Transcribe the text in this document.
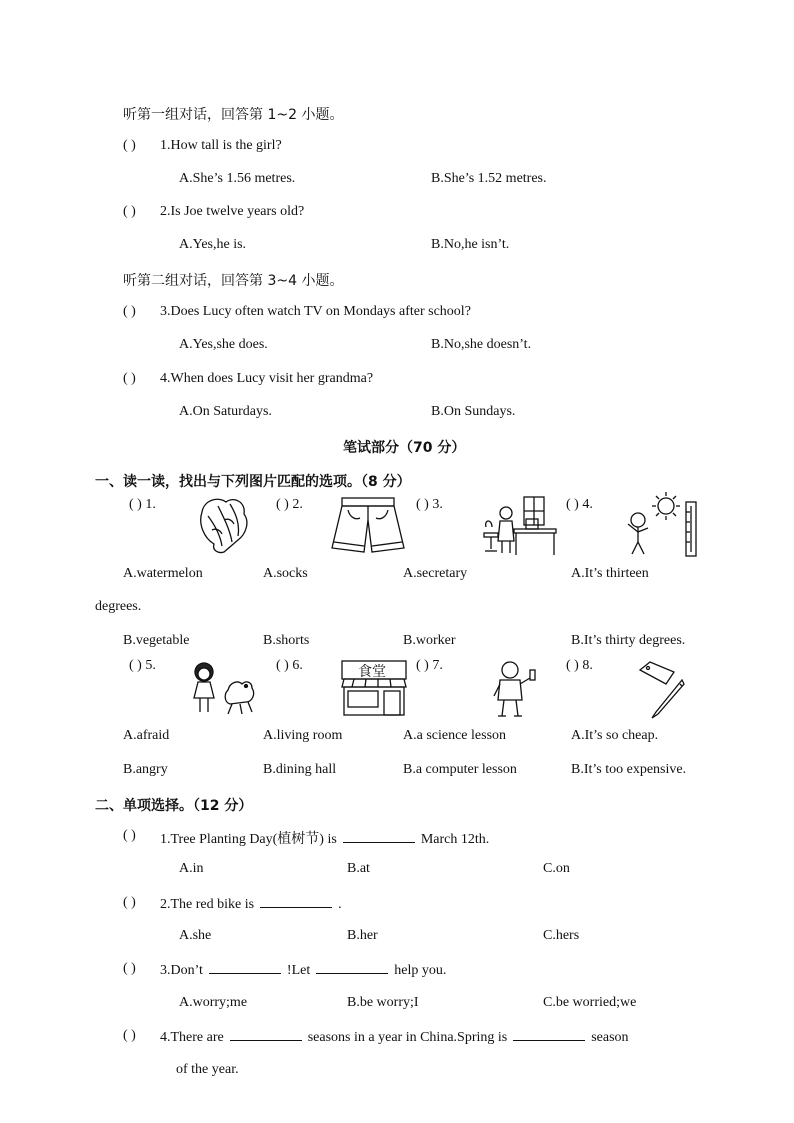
听第一组对话，回答第 1~2 小题。
( ) 1.How tall is the girl?
A.She’s 1.56 metres.	B.She’s 1.52 metres.
( ) 2.Is Joe twelve years old?
A.Yes,he is.	B.No,he isn’t.
听第二组对话，回答第 3~4 小题。
( ) 3.Does Lucy often watch TV on Mondays after school?
A.Yes,she does.	B.No,she doesn’t.
( ) 4.When does Lucy visit her grandma?
A.On Saturdays.	B.On Sundays.
笔试部分（70 分）
一、读一读，找出与下列图片匹配的选项。（8 分）
( ) 1.	( ) 2.	( ) 3.	( ) 4.
A.watermelon	A.socks	A.secretary	A.It’s thirteen
degrees.
B.vegetable	B.shorts	B.worker	B.It’s thirty degrees.
( ) 5.	( ) 6.	( ) 7.	( ) 8.
食堂
A.afraid	A.living room	A.a science lesson	A.It’s so cheap.
B.angry	B.dining hall	B.a computer lesson	B.It’s too expensive.
二、单项选择。（12 分）
( ) 1.Tree Planting Day(植树节) is	March 12th.
A.in	B.at	C.on
( ) 2.The red bike is	.
A.she	B.her	C.hers
( ) 3.Don’t	!Let	help you.
A.worry;me	B.be worry;I	C.be worried;we
( ) 4.There are	seasons in a year in China.Spring is	season
of the year.
